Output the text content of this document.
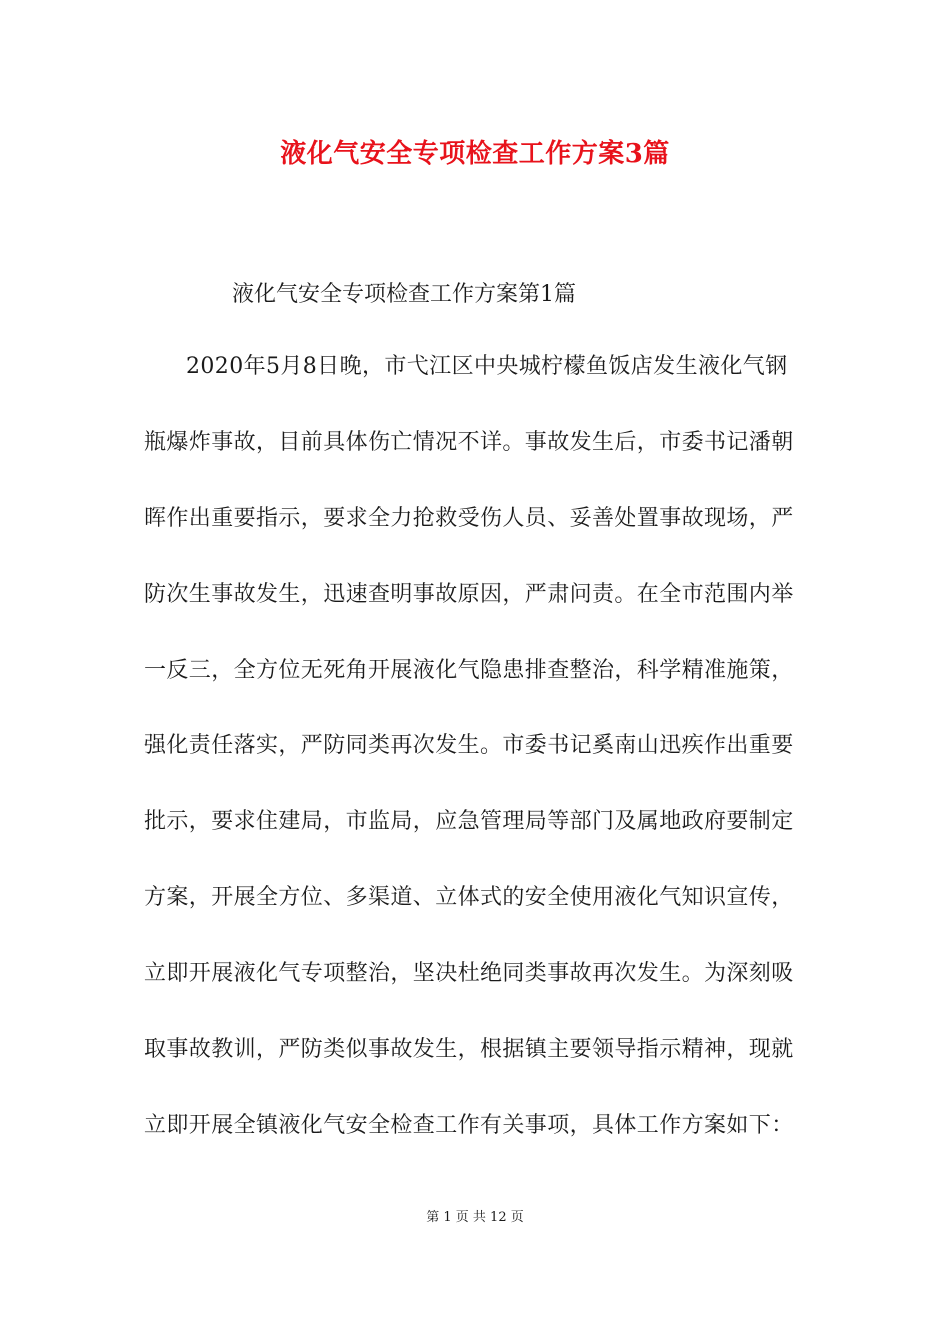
液化气安全专项检查工作方案3篇
液化气安全专项检查工作方案第1篇
2020年5月8日晚，市弋江区中央城柠檬鱼饭店发生液化气钢
瓶爆炸事故，目前具体伤亡情况不详。事故发生后，市委书记潘朝
晖作出重要指示，要求全力抢救受伤人员、妥善处置事故现场，严
防次生事故发生，迅速查明事故原因，严肃问责。在全市范围内举
一反三，全方位无死角开展液化气隐患排查整治，科学精准施策，
强化责任落实，严防同类再次发生。市委书记奚南山迅疾作出重要
批示，要求住建局，市监局，应急管理局等部门及属地政府要制定
方案，开展全方位、多渠道、立体式的安全使用液化气知识宣传，
立即开展液化气专项整治，坚决杜绝同类事故再次发生。为深刻吸
取事故教训，严防类似事故发生，根据镇主要领导指示精神，现就
立即开展全镇液化气安全检查工作有关事项，具体工作方案如下：
第 1 页 共 12 页
